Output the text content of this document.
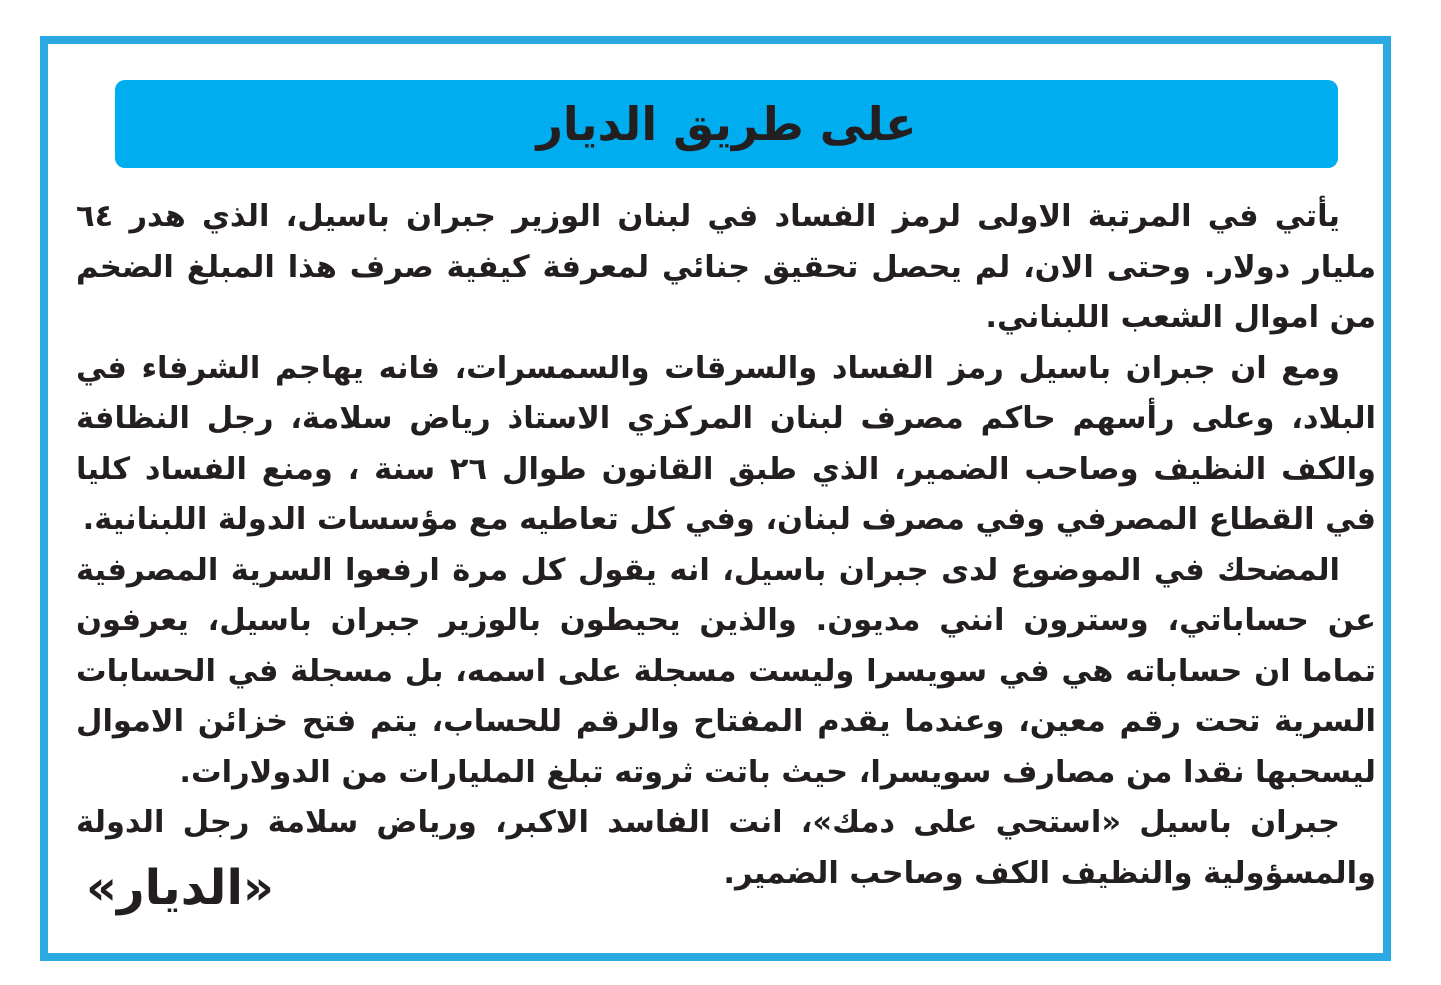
على طريق الديار

يأتي في المرتبة الاولى لرمز الفساد في لبنان الوزير جبران باسيل، الذي هدر ٦٤ مليار دولار. وحتى الان، لم يحصل تحقيق جنائي لمعرفة كيفية صرف هذا المبلغ الضخم من اموال الشعب اللبناني.

ومع ان جبران باسيل رمز الفساد والسرقات والسمسرات، فانه يهاجم الشرفاء في البلاد، وعلى رأسهم حاكم مصرف لبنان المركزي الاستاذ رياض سلامة، رجل النظافة والكف النظيف وصاحب الضمير، الذي طبق القانون طوال ٢٦ سنة ، ومنع الفساد كليا في القطاع المصرفي وفي مصرف لبنان، وفي كل تعاطيه مع مؤسسات الدولة اللبنانية.

المضحك في الموضوع لدى جبران باسيل، انه يقول كل مرة ارفعوا السرية المصرفية عن حساباتي، وسترون انني مديون. والذين يحيطون بالوزير جبران باسيل، يعرفون تماما ان حساباته هي في سويسرا وليست مسجلة على اسمه، بل مسجلة في الحسابات السرية تحت رقم معين، وعندما يقدم المفتاح والرقم للحساب، يتم فتح خزائن الاموال ليسحبها نقدا من مصارف سويسرا، حيث باتت ثروته تبلغ المليارات من الدولارات.

جبران باسيل «استحي على دمك»، انت الفاسد الاكبر، ورياض سلامة رجل الدولة والمسؤولية والنظيف الكف وصاحب الضمير.

«الديار»
